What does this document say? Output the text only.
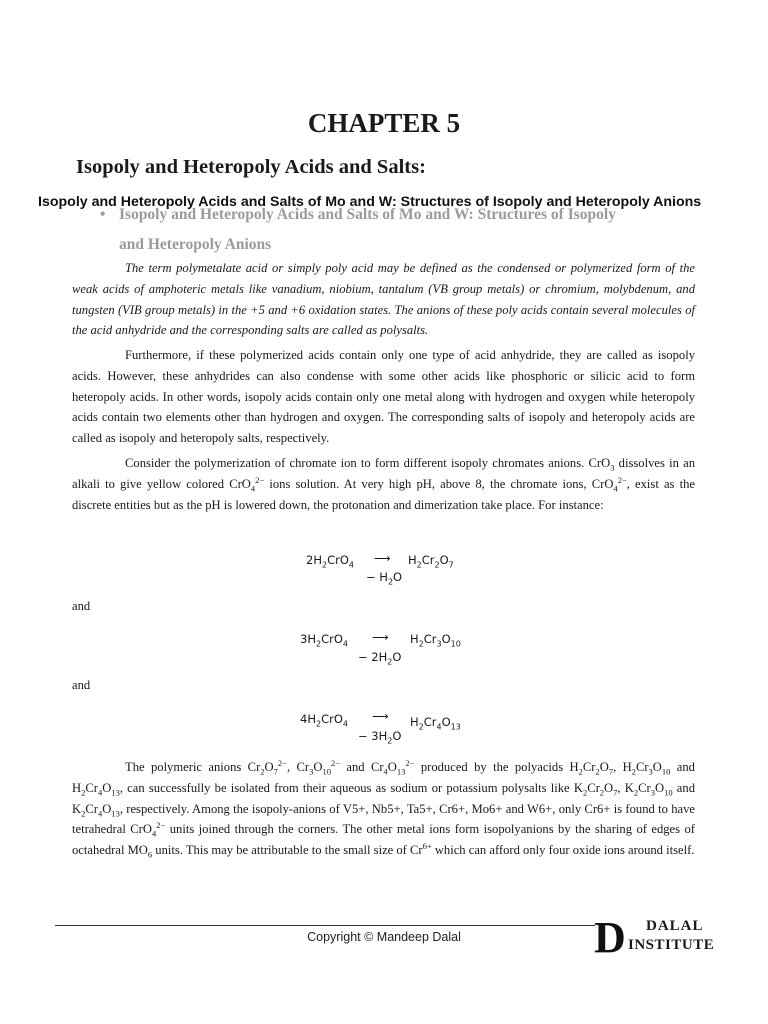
CHAPTER 5
Isopoly and Heteropoly Acids and Salts:
• Isopoly and Heteropoly Acids and Salts of Mo and W: Structures of Isopoly
and Heteropoly Anions
Isopoly and Heteropoly Acids and Salts of Mo and W: Structures of Isopoly and Heteropoly Anions

The term polymetalate acid or simply poly acid may be defined as the condensed or polymerized form of the weak acids of amphoteric metals like vanadium, niobium, tantalum (VB group metals) or chromium, molybdenum, and tungsten (VIB group metals) in the +5 and +6 oxidation states. The anions of these poly acids contain several molecules of the acid anhydride and the corresponding salts are called as polysalts.

Furthermore, if these polymerized acids contain only one type of acid anhydride, they are called as isopoly acids. However, these anhydrides can also condense with some other acids like phosphoric or silicic acid to form heteropoly acids. In other words, isopoly acids contain only one metal along with hydrogen and oxygen while heteropoly acids contain two elements other than hydrogen and oxygen. The corresponding salts of isopoly and heteropoly acids are called as isopoly and heteropoly salts, respectively.

Consider the polymerization of chromate ion to form different isopoly chromates anions. CrO$_3$ dissolves in an alkali to give yellow colored CrO$_4^{2-}$ ions solution. At very high pH, above 8, the chromate ions, CrO$_4^{2-}$, exist as the discrete entities but as the pH is lowered down, the protonation and dimerization take place. For instance:

$2H_2CrO_4$ ⟶ $H_2Cr_2O_7$
− $H_2O$
and
$3H_2CrO_4$ ⟶ $H_2Cr_3O_{10}$
− $2H_2O$
and
$4H_2CrO_4$
⟶ $H_2Cr_4O_{13}$
− $3H_2O$

The polymeric anions $Cr_2O_7^{2-}$, $Cr_3O_{10}^{2-}$ and $Cr_4O_{13}^{2-}$ produced by the polyacids $H_2Cr_2O_7$, $H_2Cr_3O_{10}$ and $H_2Cr_4O_{13}$, can successfully be isolated from their aqueous as sodium or potassium polysalts like $K_2Cr_2O_7$, $K_2Cr_3O_{10}$ and $K_2Cr_4O_{13}$, respectively. Among the isopoly-anions of V5+, Nb5+, Ta5+, Cr6+, Mo6+ and W6+, only Cr6+ is found to have tetrahedral CrO$_4^{2-}$ units joined through the corners. The other metal ions form isopolyanions by the sharing of edges of octahedral $MO_6$ units. This may be attributable to the small size of $Cr^{6+}$ which can afford only four oxide ions around itself.

Copyright © Mandeep Dalal	D DALAL
INSTITUTE
